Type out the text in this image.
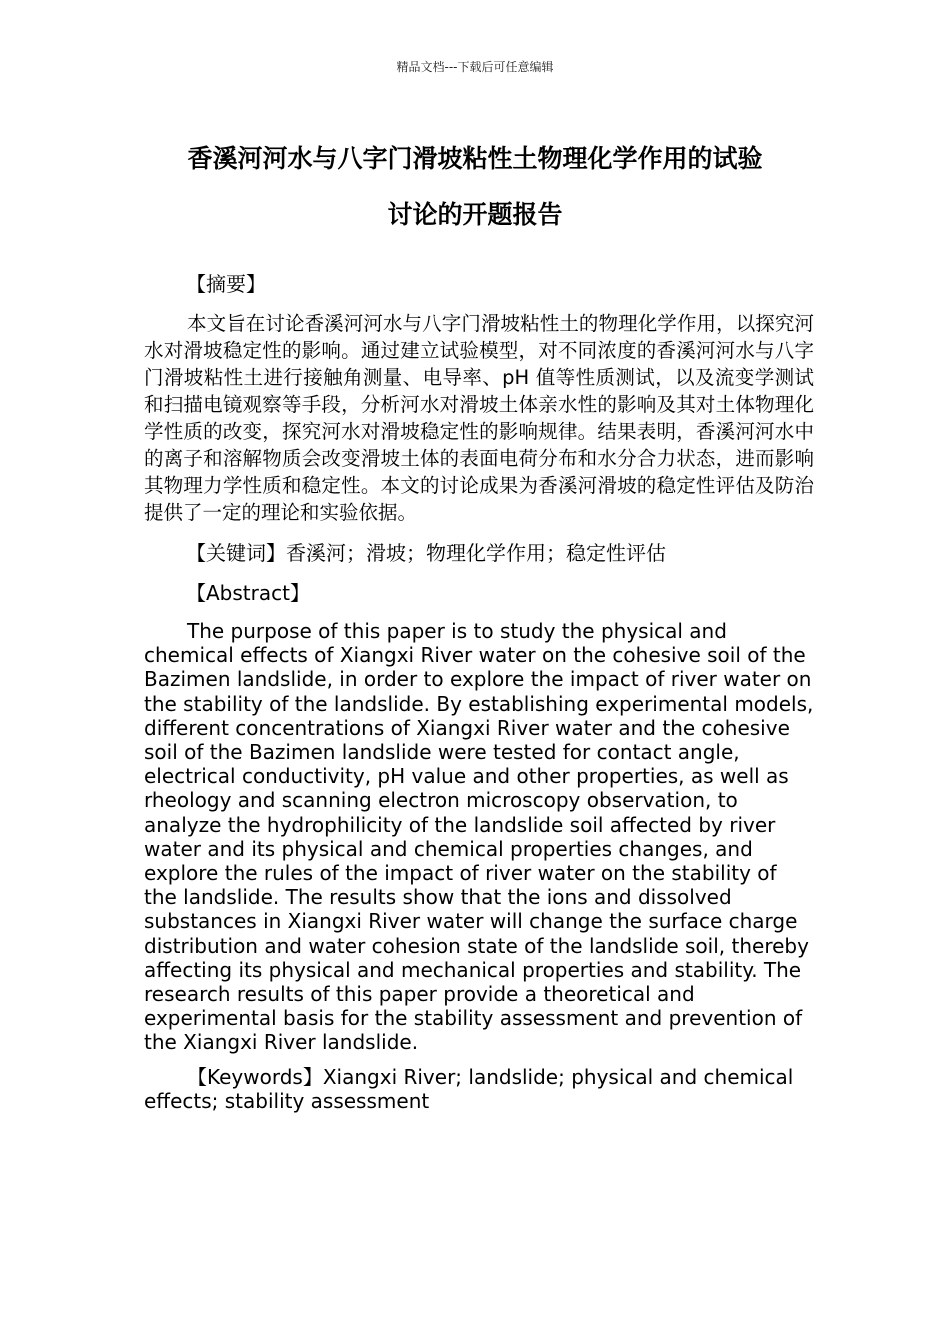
精品文档---下载后可任意编辑
香溪河河水与八字门滑坡粘性土物理化学作用的试验
讨论的开题报告

【摘要】

本文旨在讨论香溪河河水与八字门滑坡粘性土的物理化学作用，以探究河水对滑坡稳定性的影响。通过建立试验模型，对不同浓度的香溪河河水与八字门滑坡粘性土进行接触角测量、电导率、pH 值等性质测试，以及流变学测试和扫描电镜观察等手段，分析河水对滑坡土体亲水性的影响及其对土体物理化学性质的改变，探究河水对滑坡稳定性的影响规律。结果表明，香溪河河水中的离子和溶解物质会改变滑坡土体的表面电荷分布和水分合力状态，进而影响其物理力学性质和稳定性。本文的讨论成果为香溪河滑坡的稳定性评估及防治提供了一定的理论和实验依据。

【关键词】香溪河；滑坡；物理化学作用；稳定性评估

【Abstract】

The purpose of this paper is to study the physical and chemical effects of Xiangxi River water on the cohesive soil of the Bazimen landslide, in order to explore the impact of river water on the stability of the landslide. By establishing experimental models, different concentrations of Xiangxi River water and the cohesive soil of the Bazimen landslide were tested for contact angle, electrical conductivity, pH value and other properties, as well as rheology and scanning electron microscopy observation, to analyze the hydrophilicity of the landslide soil affected by river water and its physical and chemical properties changes, and explore the rules of the impact of river water on the stability of the landslide. The results show that the ions and dissolved substances in Xiangxi River water will change the surface charge distribution and water cohesion state of the landslide soil, thereby affecting its physical and mechanical properties and stability. The research results of this paper provide a theoretical and experimental basis for the stability assessment and prevention of the Xiangxi River landslide.

【Keywords】Xiangxi River; landslide; physical and chemical effects; stability assessment
